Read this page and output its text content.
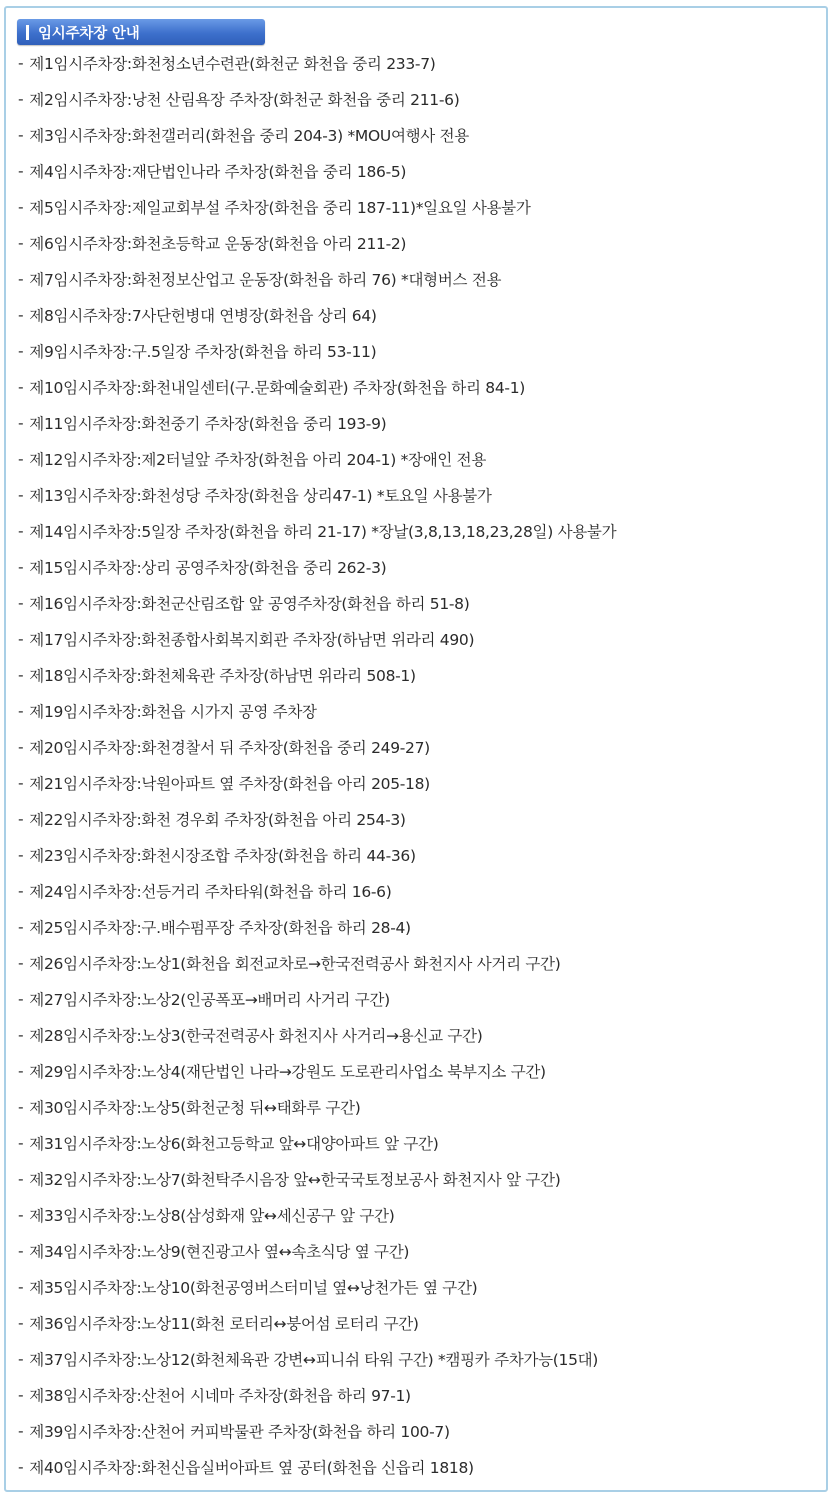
임시주차장 안내
- 제1임시주차장: 화천청소년수련관(화천군 화천읍 중리 233-7)
- 제2임시주차장: 낭천 산림욕장 주차장(화천군 화천읍 중리 211-6)
- 제3임시주차장: 화천갤러리(화천읍 중리 204-3) *MOU여행사 전용
- 제4임시주차장: 재단법인나라 주차장(화천읍 중리 186-5)
- 제5임시주차장: 제일교회부설 주차장(화천읍 중리 187-11)*일요일 사용불가
- 제6임시주차장: 화천초등학교 운동장(화천읍 아리 211-2)
- 제7임시주차장: 화천정보산업고 운동장(화천읍 하리 76) *대형버스 전용
- 제8임시주차장: 7사단헌병대 연병장(화천읍 상리 64)
- 제9임시주차장: 구.5일장 주차장(화천읍 하리 53-11)
- 제10임시주차장: 화천내일센터(구.문화예술회관) 주차장(화천읍 하리 84-1)
- 제11임시주차장: 화천중기 주차장(화천읍 중리 193-9)
- 제12임시주차장: 제2터널앞 주차장(화천읍 아리 204-1) *장애인 전용
- 제13임시주차장: 화천성당 주차장(화천읍 상리47-1) *토요일 사용불가
- 제14임시주차장: 5일장 주차장(화천읍 하리 21-17) *장날(3,8,13,18,23,28일) 사용불가
- 제15임시주차장: 상리 공영주차장(화천읍 중리 262-3)
- 제16임시주차장: 화천군산림조합 앞 공영주차장(화천읍 하리 51-8)
- 제17임시주차장: 화천종합사회복지회관 주차장(하남면 위라리 490)
- 제18임시주차장: 화천체육관 주차장(하남면 위라리 508-1)
- 제19임시주차장: 화천읍 시가지 공영 주차장
- 제20임시주차장: 화천경찰서 뒤 주차장(화천읍 중리 249-27)
- 제21임시주차장: 낙원아파트 옆 주차장(화천읍 아리 205-18)
- 제22임시주차장: 화천 경우회 주차장(화천읍 아리 254-3)
- 제23임시주차장: 화천시장조합 주차장(화천읍 하리 44-36)
- 제24임시주차장: 선등거리 주차타워(화천읍 하리 16-6)
- 제25임시주차장: 구.배수펌푸장 주차장(화천읍 하리 28-4)
- 제26임시주차장: 노상1(화천읍 회전교차로→한국전력공사 화천지사 사거리 구간)
- 제27임시주차장: 노상2(인공폭포→배머리 사거리 구간)
- 제28임시주차장: 노상3(한국전력공사 화천지사 사거리→용신교 구간)
- 제29임시주차장: 노상4(재단법인 나라→강원도 도로관리사업소 북부지소 구간)
- 제30임시주차장: 노상5(화천군청 뒤↔태화루 구간)
- 제31임시주차장: 노상6(화천고등학교 앞↔대양아파트 앞 구간)
- 제32임시주차장: 노상7(화천탁주시음장 앞↔한국국토정보공사 화천지사 앞 구간)
- 제33임시주차장: 노상8(삼성화재 앞↔세신공구 앞 구간)
- 제34임시주차장: 노상9(현진광고사 옆↔속초식당 옆 구간)
- 제35임시주차장: 노상10(화천공영버스터미널 옆↔낭천가든 옆 구간)
- 제36임시주차장: 노상11(화천 로터리↔붕어섬 로터리 구간)
- 제37임시주차장: 노상12(화천체육관 강변↔피니쉬 타워 구간) *캠핑카 주차가능(15대)
- 제38임시주차장: 산천어 시네마 주차장(화천읍 하리 97-1)
- 제39임시주차장: 산천어 커피박물관 주차장(화천읍 하리 100-7)
- 제40임시주차장: 화천신읍실버아파트 옆 공터(화천읍 신읍리 1818)
